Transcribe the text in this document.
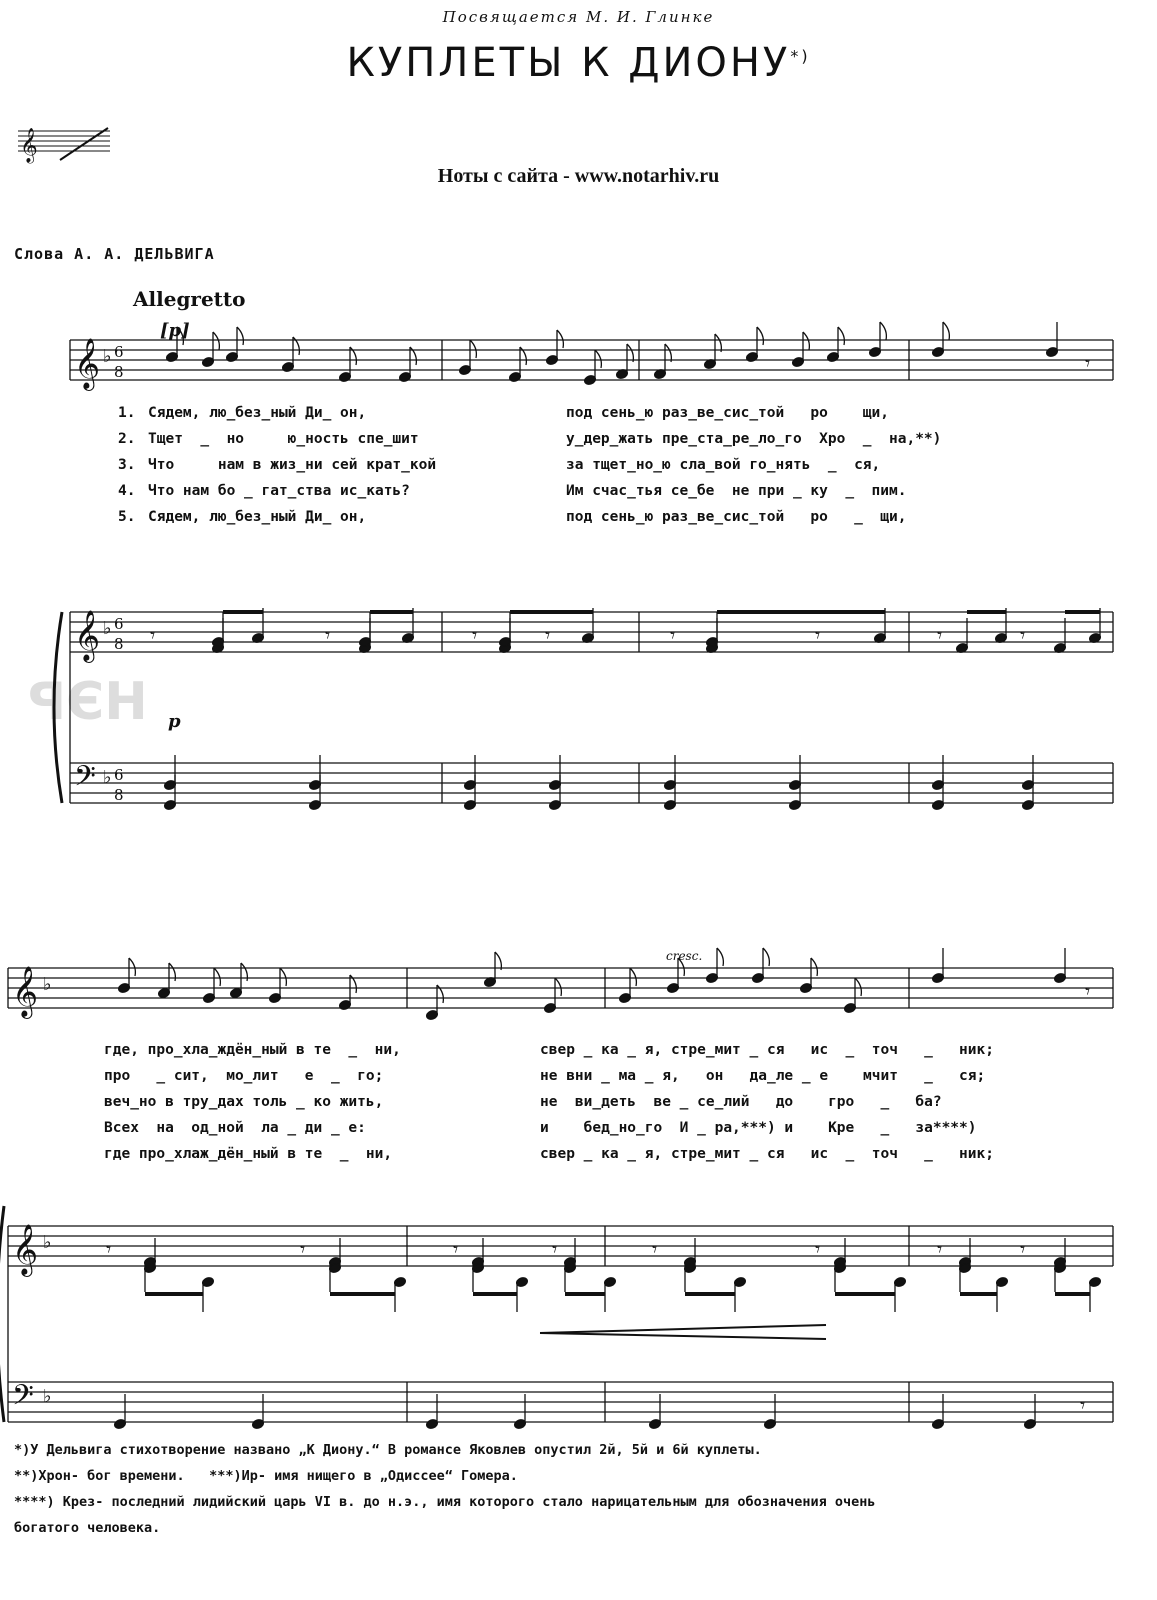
Посвящается М. И. Глинке
КУПЛЕТЫ К ДИОНУ*)
Ноты с сайта - www.notarhiv.ru
Слова А. А. ДЕЛЬВИГА
Allegretto
НЭР
𝄞
𝄞
𝄞
𝄢
♭ 6
8
♭ 6
8
♭ 6
8
𝄾
𝄾	𝄾	𝄾	𝄾	𝄾	𝄾	𝄾	𝄾
𝄞
𝄞
𝄢
♭
♭
♭
𝄾
𝄾	𝄾	𝄾	𝄾	𝄾	𝄾	𝄾	𝄾
𝄾
[p]
p
cresc.
1. Сядем, лю_без_ный Ди_ он,	под сень_ю раз_ве_сис_той   ро    щи,
2. Тщет  _  но     ю_ность спе_шит	у_дер_жать пре_ста_ре_ло_го  Хро  _  на,**)
3. Что     нам в жиз_ни сей крат_кой	за тщет_но_ю сла_вой го_нять  _  ся,
4. Что нам бо _ гат_ства ис_кать?	Им счас_тья се_бе  не при _ ку  _  пим.
5. Сядем, лю_без_ный Ди_ он,	под сень_ю раз_ве_сис_той   ро   _  щи,
где, про_хла_ждён_ный в те  _  ни,	свер _ ка _ я, стре_мит _ ся   ис  _  точ   _   ник;
про   _ сит,  мо_лит   е  _  го;	не вни _ ма _ я,   он   да_ле _ е    мчит   _   ся;
веч_но в тру_дах толь _ ко жить,	не  ви_деть  ве _ се_лий   до    гро   _   ба?
Всех  на  од_ной  ла _ ди _ е:	и    бед_но_го  И _ ра,***) и    Кре   _   за****)
где про_хлаж_дён_ный в те  _  ни,	свер _ ка _ я, стре_мит _ ся   ис  _  точ   _   ник;
*)У Дельвига стихотворение названо „К Диону.“ В романсе Яковлев опустил 2й, 5й и 6й куплеты.
**)Хрон- бог времени.   ***)Ир- имя нищего в „Одиссее“ Гомера.
****) Крез- последний лидийский царь VI в. до н.э., имя которого стало нарицательным для обозначения очень
богатого человека.
